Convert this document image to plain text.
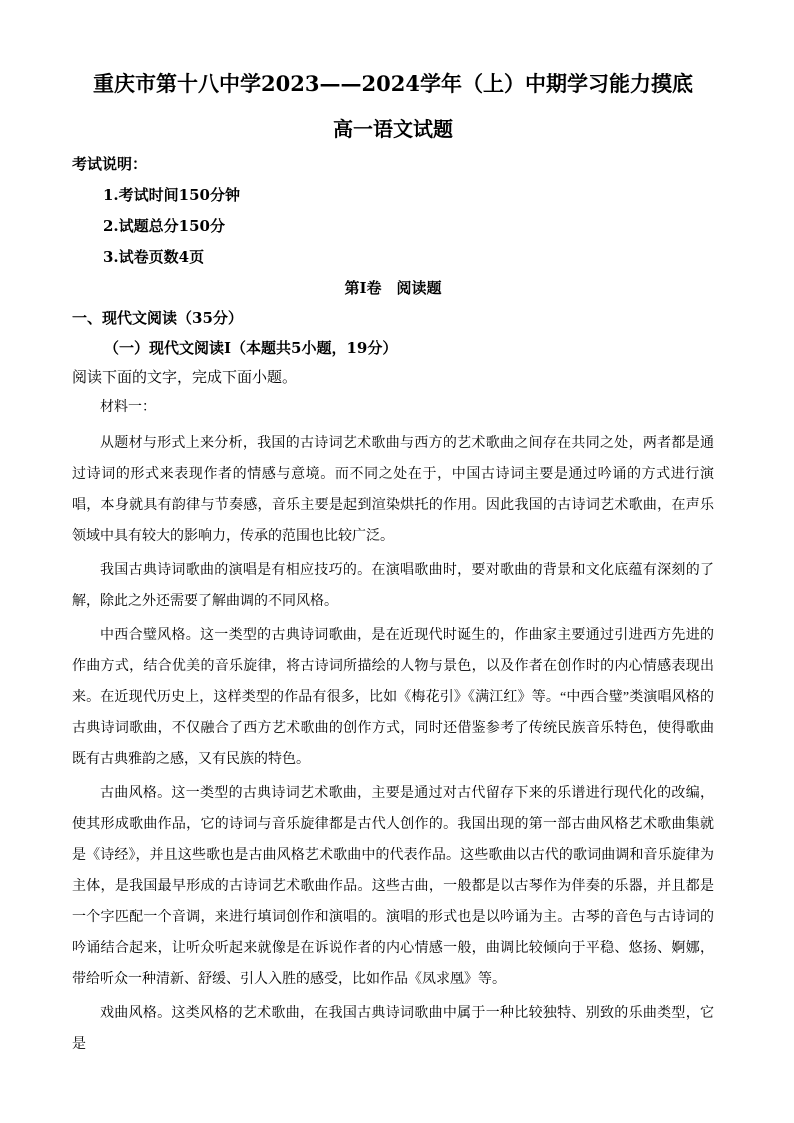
重庆市第十八中学2023——2024学年（上）中期学习能力摸底
高一语文试题
考试说明：
1.考试时间150分钟
2.试题总分150分
3.试卷页数4页
第Ⅰ卷　阅读题
一、现代文阅读（35分）
（一）现代文阅读Ⅰ（本题共5小题，19分）
阅读下面的文字，完成下面小题。
材料一：

从题材与形式上来分析，我国的古诗词艺术歌曲与西方的艺术歌曲之间存在共同之处，两者都是通过诗词的形式来表现作者的情感与意境。而不同之处在于，中国古诗词主要是通过吟诵的方式进行演唱，本身就具有韵律与节奏感，音乐主要是起到渲染烘托的作用。因此我国的古诗词艺术歌曲，在声乐领域中具有较大的影响力，传承的范围也比较广泛。

我国古典诗词歌曲的演唱是有相应技巧的。在演唱歌曲时，要对歌曲的背景和文化底蕴有深刻的了解，除此之外还需要了解曲调的不同风格。

中西合璧风格。这一类型的古典诗词歌曲，是在近现代时诞生的，作曲家主要通过引进西方先进的作曲方式，结合优美的音乐旋律，将古诗词所描绘的人物与景色，以及作者在创作时的内心情感表现出来。在近现代历史上，这样类型的作品有很多，比如《梅花引》《满江红》等。“中西合璧”类演唱风格的古典诗词歌曲，不仅融合了西方艺术歌曲的创作方式，同时还借鉴参考了传统民族音乐特色，使得歌曲既有古典雅韵之感，又有民族的特色。

古曲风格。这一类型的古典诗词艺术歌曲，主要是通过对古代留存下来的乐谱进行现代化的改编，使其形成歌曲作品，它的诗词与音乐旋律都是古代人创作的。我国出现的第一部古曲风格艺术歌曲集就是《诗经》，并且这些歌也是古曲风格艺术歌曲中的代表作品。这些歌曲以古代的歌词曲调和音乐旋律为主体，是我国最早形成的古诗词艺术歌曲作品。这些古曲，一般都是以古琴作为伴奏的乐器，并且都是一个字匹配一个音调，来进行填词创作和演唱的。演唱的形式也是以吟诵为主。古琴的音色与古诗词的吟诵结合起来，让听众听起来就像是在诉说作者的内心情感一般，曲调比较倾向于平稳、悠扬、婀娜，带给听众一种清新、舒缓、引人入胜的感受，比如作品《凤求凰》等。

戏曲风格。这类风格的艺术歌曲，在我国古典诗词歌曲中属于一种比较独特、别致的乐曲类型，它是
